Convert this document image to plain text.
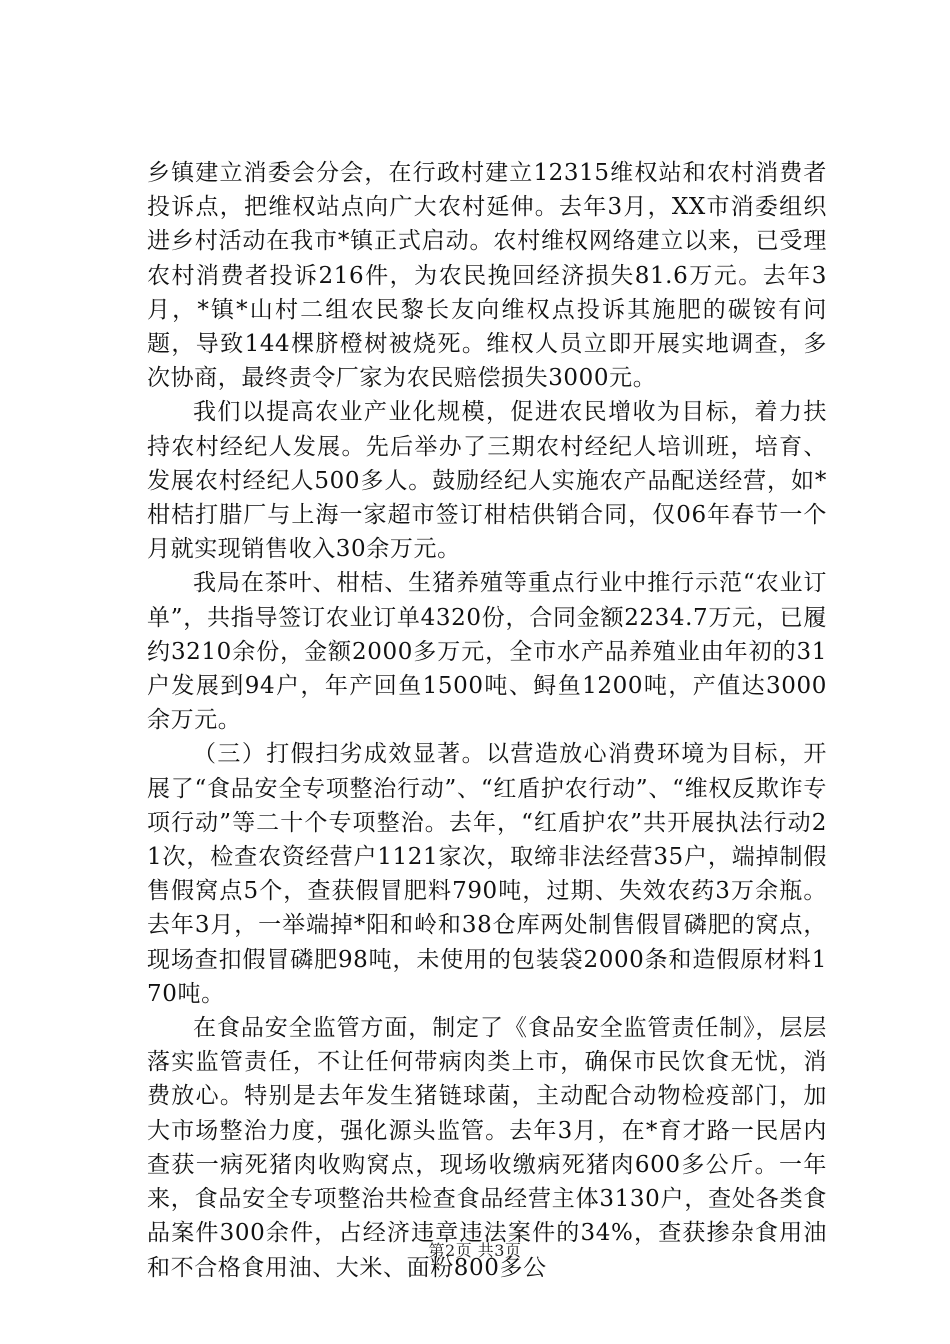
乡镇建立消委会分会，在行政村建立12315维权站和农村消费者投诉点，把维权站点向广大农村延伸。去年3月，XX市消委组织进乡村活动在我市*镇正式启动。农村维权网络建立以来，已受理农村消费者投诉216件，为农民挽回经济损失81.6万元。去年3月，*镇*山村二组农民黎长友向维权点投诉其施肥的碳铵有问题，导致144棵脐橙树被烧死。维权人员立即开展实地调查，多次协商，最终责令厂家为农民赔偿损失3000元。

我们以提高农业产业化规模，促进农民增收为目标，着力扶持农村经纪人发展。先后举办了三期农村经纪人培训班，培育、发展农村经纪人500多人。鼓励经纪人实施农产品配送经营，如*柑桔打腊厂与上海一家超市签订柑桔供销合同，仅06年春节一个月就实现销售收入30余万元。

我局在茶叶、柑桔、生猪养殖等重点行业中推行示范“农业订单”，共指导签订农业订单4320份，合同金额2234.7万元，已履约3210余份，金额2000多万元，全市水产品养殖业由年初的31户发展到94户，年产回鱼1500吨、鲟鱼1200吨，产值达3000余万元。

（三）打假扫劣成效显著。以营造放心消费环境为目标，开展了“食品安全专项整治行动”、“红盾护农行动”、“维权反欺诈专项行动”等二十个专项整治。去年，“红盾护农”共开展执法行动21次，检查农资经营户1121家次，取缔非法经营35户，端掉制假售假窝点5个，查获假冒肥料790吨，过期、失效农药3万余瓶。去年3月，一举端掉*阳和岭和38仓库两处制售假冒磷肥的窝点，现场查扣假冒磷肥98吨，未使用的包装袋2000条和造假原材料170吨。

在食品安全监管方面，制定了《食品安全监管责任制》，层层落实监管责任，不让任何带病肉类上市，确保市民饮食无忧，消费放心。特别是去年发生猪链球菌，主动配合动物检疫部门，加大市场整治力度，强化源头监管。去年3月，在*育才路一民居内查获一病死猪肉收购窝点，现场收缴病死猪肉600多公斤。一年来，食品安全专项整治共检查食品经营主体3130户，查处各类食品案件300余件，占经济违章违法案件的34%，查获掺杂食用油和不合格食用油、大米、面粉800多公

第2页 共3页
